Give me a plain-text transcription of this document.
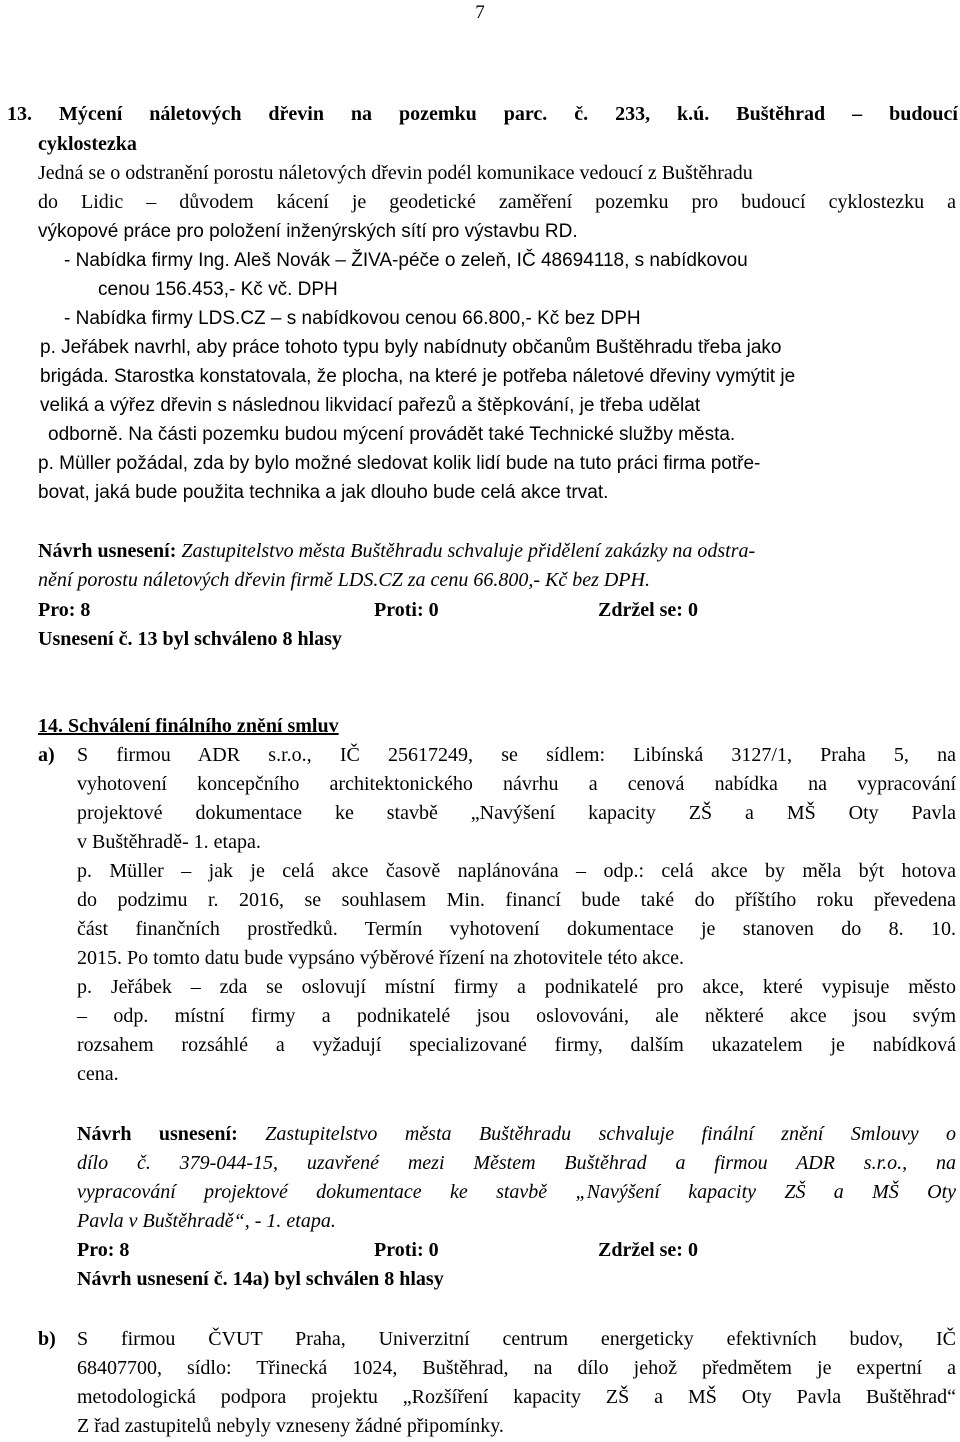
7
13. Mýcení náletových dřevin na pozemku parc. č. 233, k.ú. Buštěhrad – budoucí
cyklostezka
Jedná se o odstranění porostu náletových dřevin podél komunikace vedoucí z Buštěhradu
do Lidic – důvodem kácení je geodetické zaměření pozemku pro budoucí cyklostezku a
výkopové práce pro položení inženýrských sítí pro výstavbu RD.
- Nabídka firmy Ing. Aleš Novák – ŽIVA-péče o zeleň, IČ 48694118, s nabídkovou
cenou 156.453,- Kč vč. DPH
- Nabídka firmy LDS.CZ – s nabídkovou cenou 66.800,- Kč bez DPH
p. Jeřábek navrhl, aby práce tohoto typu byly nabídnuty občanům Buštěhradu třeba jako
brigáda. Starostka konstatovala, že plocha, na které je potřeba náletové dřeviny vymýtit je
veliká a výřez dřevin s následnou likvidací pařezů a štěpkování, je třeba udělat
odborně. Na části pozemku budou mýcení provádět také Technické služby města.
p. Müller požádal, zda by bylo možné sledovat kolik lidí bude na tuto práci firma potře-
bovat, jaká bude použita technika a jak dlouho bude celá akce trvat.
Návrh usnesení: Zastupitelstvo města Buštěhradu schvaluje přidělení zakázky na odstra-
nění porostu náletových dřevin firmě LDS.CZ za cenu 66.800,- Kč bez DPH.
Pro: 8	Proti: 0	Zdržel se: 0
Usnesení č. 13 byl schváleno 8 hlasy
14. Schválení finálního znění smluv
a)	S firmou ADR s.r.o., IČ 25617249, se sídlem: Libínská 3127/1, Praha 5, na
vyhotovení koncepčního architektonického návrhu a cenová nabídka na vypracování
projektové dokumentace ke stavbě „Navýšení kapacity ZŠ a MŠ Oty Pavla
v Buštěhradě- 1. etapa.
p. Müller – jak je celá akce časově naplánována – odp.: celá akce by měla být hotova
do podzimu r. 2016, se souhlasem Min. financí bude také do příštího roku převedena
část finančních prostředků. Termín vyhotovení dokumentace je stanoven do 8. 10.
2015. Po tomto datu bude vypsáno výběrové řízení na zhotovitele této akce.
p. Jeřábek – zda se oslovují místní firmy a podnikatelé pro akce, které vypisuje město
– odp. místní firmy a podnikatelé jsou oslovováni, ale některé akce jsou svým
rozsahem rozsáhlé a vyžadují specializované firmy, dalším ukazatelem je nabídková
cena.
Návrh usnesení: Zastupitelstvo města Buštěhradu schvaluje finální znění Smlouvy o
dílo č. 379-044-15, uzavřené mezi Městem Buštěhrad a firmou ADR s.r.o., na
vypracování projektové dokumentace ke stavbě „Navýšení kapacity ZŠ a MŠ Oty
Pavla v Buštěhradě“, - 1. etapa.
Pro: 8	Proti: 0	Zdržel se: 0
Návrh usnesení č. 14a) byl schválen 8 hlasy
b)	S firmou ČVUT Praha, Univerzitní centrum energeticky efektivních budov, IČ
68407700, sídlo: Třinecká 1024, Buštěhrad, na dílo jehož předmětem je expertní a
metodologická podpora projektu „Rozšíření kapacity ZŠ a MŠ Oty Pavla Buštěhrad“
Z řad zastupitelů nebyly vzneseny žádné připomínky.
